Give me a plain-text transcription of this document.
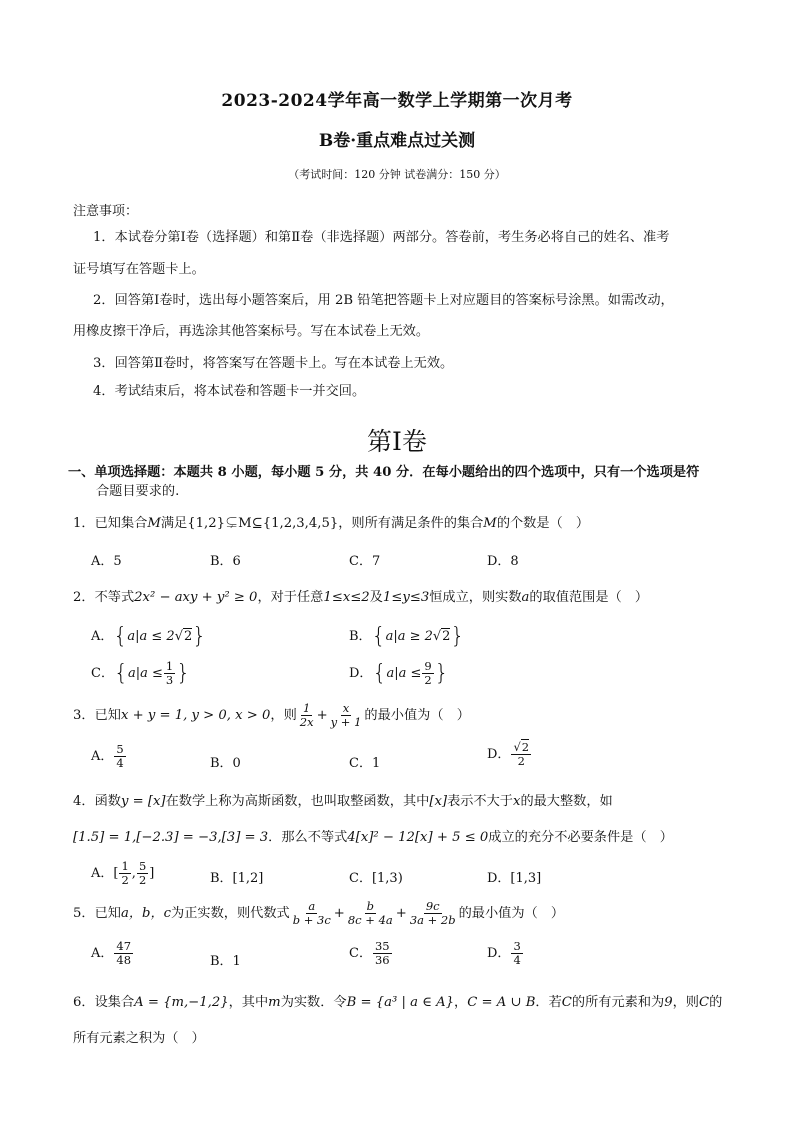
2023-2024学年高一数学上学期第一次月考
B卷·重点难点过关测
（考试时间：120 分钟 试卷满分：150 分）
注意事项：
1．本试卷分第Ⅰ卷（选择题）和第Ⅱ卷（非选择题）两部分。答卷前，考生务必将自己的姓名、准考
证号填写在答题卡上。
2．回答第Ⅰ卷时，选出每小题答案后，用 2B 铅笔把答题卡上对应题目的答案标号涂黑。如需改动，
用橡皮擦干净后，再选涂其他答案标号。写在本试卷上无效。
3．回答第Ⅱ卷时，将答案写在答题卡上。写在本试卷上无效。
4．考试结束后，将本试卷和答题卡一并交回。
第Ⅰ卷
一、单项选择题：本题共 8 小题，每小题 5 分，共 40 分．在每小题给出的四个选项中，只有一个选项是符
合题目要求的.
1．已知集合M满足{1,2}⊊M⊆{1,2,3,4,5}，则所有满足条件的集合M的个数是（　）
A．5	B．6	C．7	D．8
2．不等式2x² − axy + y² ≥ 0，对于任意1≤x≤2及1≤y≤3恒成立，则实数a的取值范围是（　）
A．{a|a ≤ 2√2}	B．{a|a ≥ 2√2}
C．{$a|a \le \frac{1}{3}$ }	D．{$a|a \le \frac{9}{2}$ }
3．已知x + y = 1, y > 0, x > 0，则 $\frac{1}{2x} + \frac{x}{y + 1}$ 的最小值为（　）
A． $\frac{5}{4}$	B．0	C．1
D． $\frac{√2}{2}$
4．函数y = [x]在数学上称为高斯函数，也叫取整函数，其中[x]表示不大于x的最大整数，如
[1.5] = 1,[−2.3] = −3,[3] = 3．那么不等式4[x]² − 12[x] + 5 ≤ 0成立的充分不必要条件是（　）
A．[ $\frac{1}{2}$ , $\frac{5}{2}$ ]	B．[1,2]	C．[1,3)	D．[1,3]
5．已知a，b，c为正实数，则代数式 $\frac{a}{b + 3c} + \frac{b}{8c + 4a} + \frac{9c}{3a + 2b}$ 的最小值为（　）
A． $\frac{47}{48}$	B．1
C． $\frac{35}{36}$	D． $\frac{3}{4}$
6．设集合A = {m,−1,2}，其中m为实数．令B = {a³ | a ∈ A}，C = A ∪ B．若C的所有元素和为9，则C的
所有元素之积为（　）
